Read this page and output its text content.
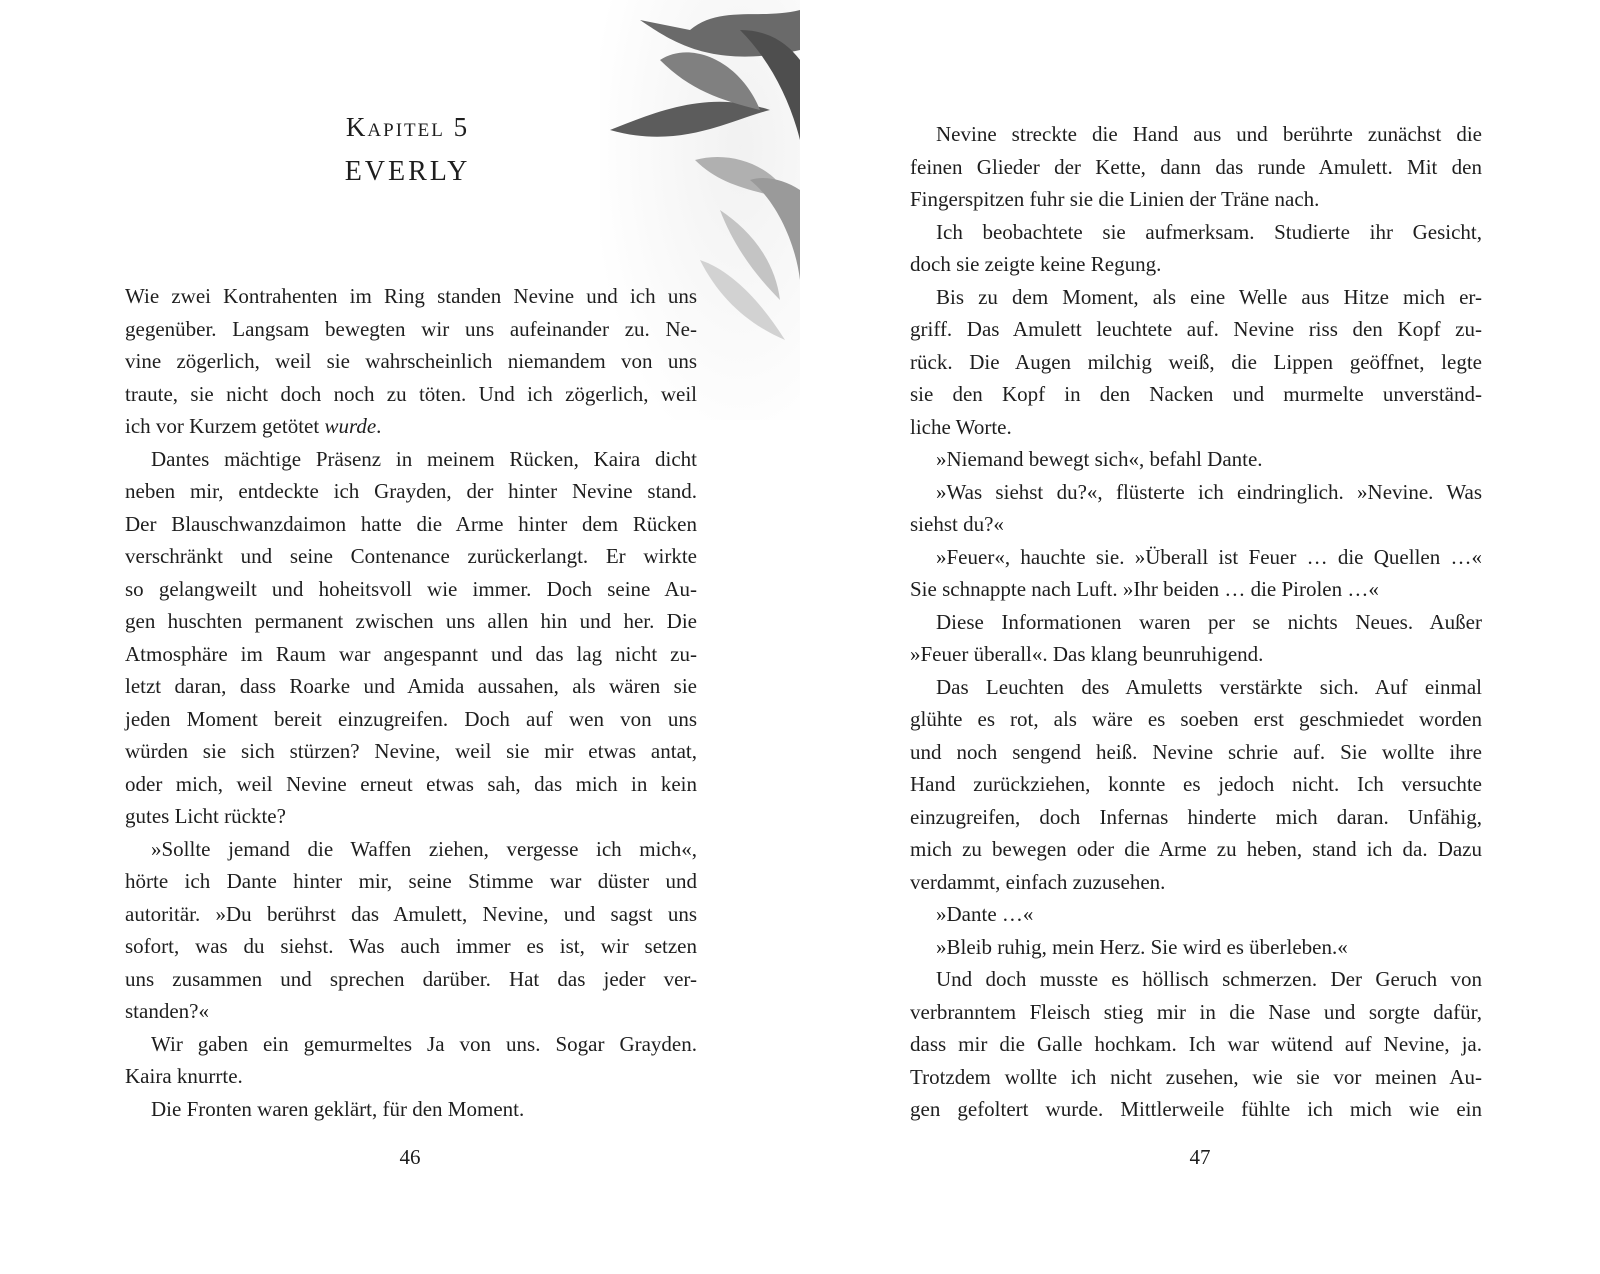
Kapitel 5
EVERLY
Wie zwei Kontrahenten im Ring standen Nevine und ich uns
gegenüber. Langsam bewegten wir uns aufeinander zu. Ne-
vine zögerlich, weil sie wahrscheinlich niemandem von uns
traute, sie nicht doch noch zu töten. Und ich zögerlich, weil
ich vor Kurzem getötet wurde.
Dantes mächtige Präsenz in meinem Rücken, Kaira dicht
neben mir, entdeckte ich Grayden, der hinter Nevine stand.
Der Blauschwanzdaimon hatte die Arme hinter dem Rücken
verschränkt und seine Contenance zurückerlangt. Er wirkte
so gelangweilt und hoheitsvoll wie immer. Doch seine Au-
gen huschten permanent zwischen uns allen hin und her. Die
Atmosphäre im Raum war angespannt und das lag nicht zu-
letzt daran, dass Roarke und Amida aussahen, als wären sie
jeden Moment bereit einzugreifen. Doch auf wen von uns
würden sie sich stürzen? Nevine, weil sie mir etwas antat,
oder mich, weil Nevine erneut etwas sah, das mich in kein
gutes Licht rückte?
»Sollte jemand die Waffen ziehen, vergesse ich mich«,
hörte ich Dante hinter mir, seine Stimme war düster und
autoritär. »Du berührst das Amulett, Nevine, und sagst uns
sofort, was du siehst. Was auch immer es ist, wir setzen
uns zusammen und sprechen darüber. Hat das jeder ver-
standen?«
Wir gaben ein gemurmeltes Ja von uns. Sogar Grayden.
Kaira knurrte.
Die Fronten waren geklärt, für den Moment.
46
Nevine streckte die Hand aus und berührte zunächst die
feinen Glieder der Kette, dann das runde Amulett. Mit den
Fingerspitzen fuhr sie die Linien der Träne nach.
Ich beobachtete sie aufmerksam. Studierte ihr Gesicht,
doch sie zeigte keine Regung.
Bis zu dem Moment, als eine Welle aus Hitze mich er-
griff. Das Amulett leuchtete auf. Nevine riss den Kopf zu-
rück. Die Augen milchig weiß, die Lippen geöffnet, legte
sie den Kopf in den Nacken und murmelte unverständ-
liche Worte.
»Niemand bewegt sich«, befahl Dante.
»Was siehst du?«, flüsterte ich eindringlich. »Nevine. Was
siehst du?«
»Feuer«, hauchte sie. »Überall ist Feuer … die Quellen …«
Sie schnappte nach Luft. »Ihr beiden … die Pirolen …«
Diese Informationen waren per se nichts Neues. Außer
»Feuer überall«. Das klang beunruhigend.
Das Leuchten des Amuletts verstärkte sich. Auf einmal
glühte es rot, als wäre es soeben erst geschmiedet worden
und noch sengend heiß. Nevine schrie auf. Sie wollte ihre
Hand zurückziehen, konnte es jedoch nicht. Ich versuchte
einzugreifen, doch Infernas hinderte mich daran. Unfähig,
mich zu bewegen oder die Arme zu heben, stand ich da. Dazu
verdammt, einfach zuzusehen.
»Dante …«
»Bleib ruhig, mein Herz. Sie wird es überleben.«
Und doch musste es höllisch schmerzen. Der Geruch von
verbranntem Fleisch stieg mir in die Nase und sorgte dafür,
dass mir die Galle hochkam. Ich war wütend auf Nevine, ja.
Trotzdem wollte ich nicht zusehen, wie sie vor meinen Au-
gen gefoltert wurde. Mittlerweile fühlte ich mich wie ein
47
